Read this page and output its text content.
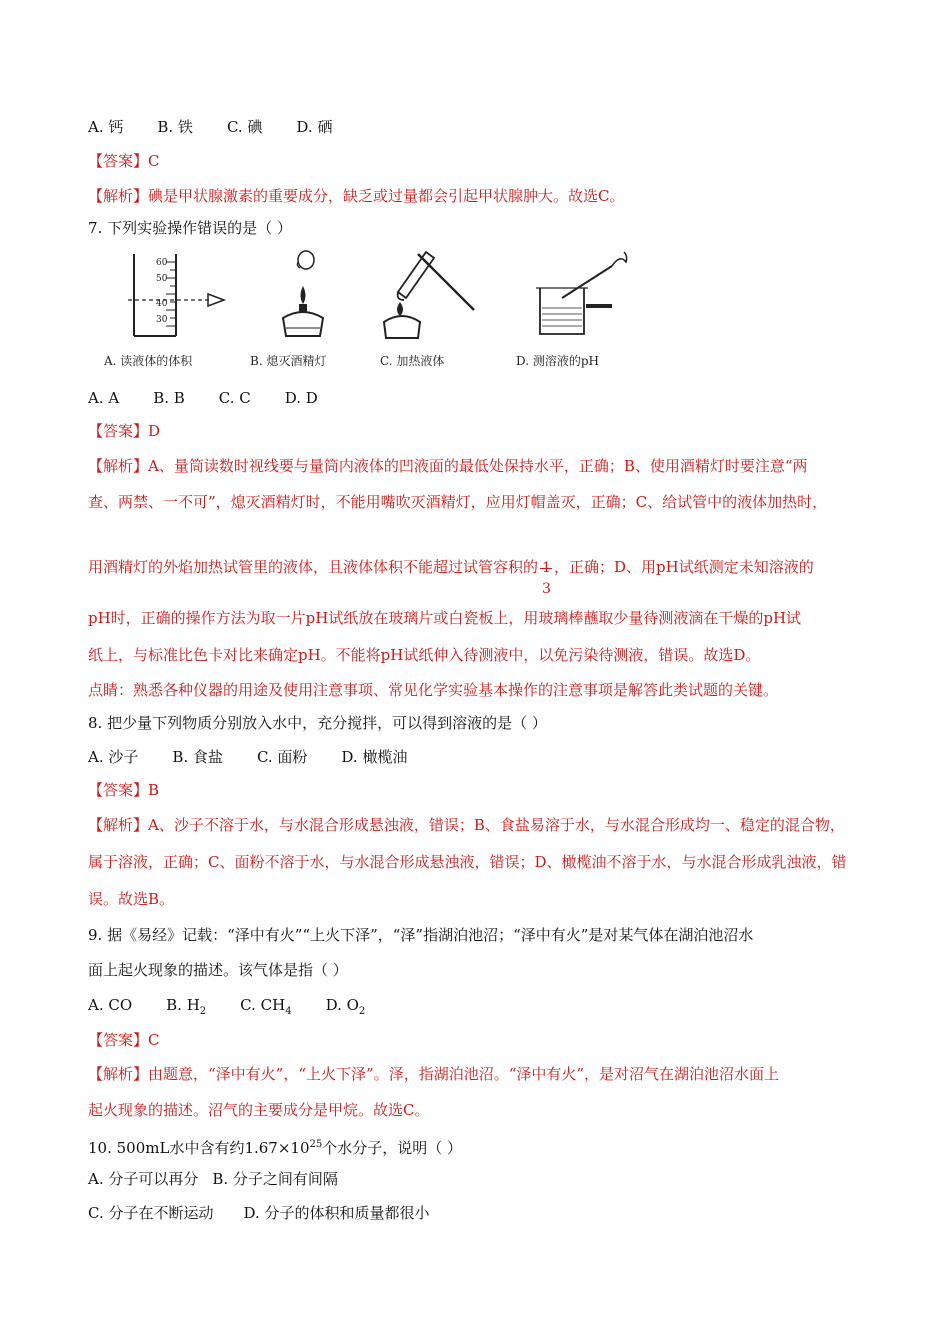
A. 钙 B. 铁 C. 碘 D. 硒
【答案】C
【解析】碘是甲状腺激素的重要成分，缺乏或过量都会引起甲状腺肿大。故选C。
7. 下列实验操作错误的是（ ）
60
50
40
30
A. 读液体的体积	B. 熄灭酒精灯	C. 加热液体	D. 测溶液的pH
A. A B. B C. C D. D
【答案】D
【解析】A、量筒读数时视线要与量筒内液体的凹液面的最低处保持水平，正确；B、使用酒精灯时要注意“两
查、两禁、一不可”，熄灭酒精灯时，不能用嘴吹灭酒精灯，应用灯帽盖灭，正确；C、给试管中的液体加热时，
用酒精灯的外焰加热试管里的液体，且液体体积不能超过试管容积的 1
3
，正确；D、用pH试纸测定未知溶液的
pH时，正确的操作方法为取一片pH试纸放在玻璃片或白瓷板上，用玻璃棒蘸取少量待测液滴在干燥的pH试
纸上，与标准比色卡对比来确定pH。不能将pH试纸伸入待测液中，以免污染待测液，错误。故选D。
点睛：熟悉各种仪器的用途及使用注意事项、常见化学实验基本操作的注意事项是解答此类试题的关键。
8. 把少量下列物质分别放入水中，充分搅拌，可以得到溶液的是（ ）
A. 沙子 B. 食盐 C. 面粉 D. 橄榄油
【答案】B
【解析】A、沙子不溶于水，与水混合形成悬浊液，错误；B、食盐易溶于水，与水混合形成均一、稳定的混合物，
属于溶液，正确；C、面粉不溶于水，与水混合形成悬浊液，错误；D、橄榄油不溶于水，与水混合形成乳浊液，错
误。故选B。
9. 据《易经》记载：“泽中有火”“上火下泽”，“泽”指湖泊池沼；“泽中有火”是对某气体在湖泊池沼水
面上起火现象的描述。该气体是指（ ）
A. CO B. $H_2$ C. $CH_4$ D. $O_2$
【答案】C
【解析】由题意，“泽中有火”，“上火下泽”。泽，指湖泊池沼。“泽中有火”，是对沼气在湖泊池沼水面上
起火现象的描述。沼气的主要成分是甲烷。故选C。
10. 500mL水中含有约$1.67\times 10^{25}$个水分子，说明（ ）
A. 分子可以再分 B. 分子之间有间隔
C. 分子在不断运动 D. 分子的体积和质量都很小
